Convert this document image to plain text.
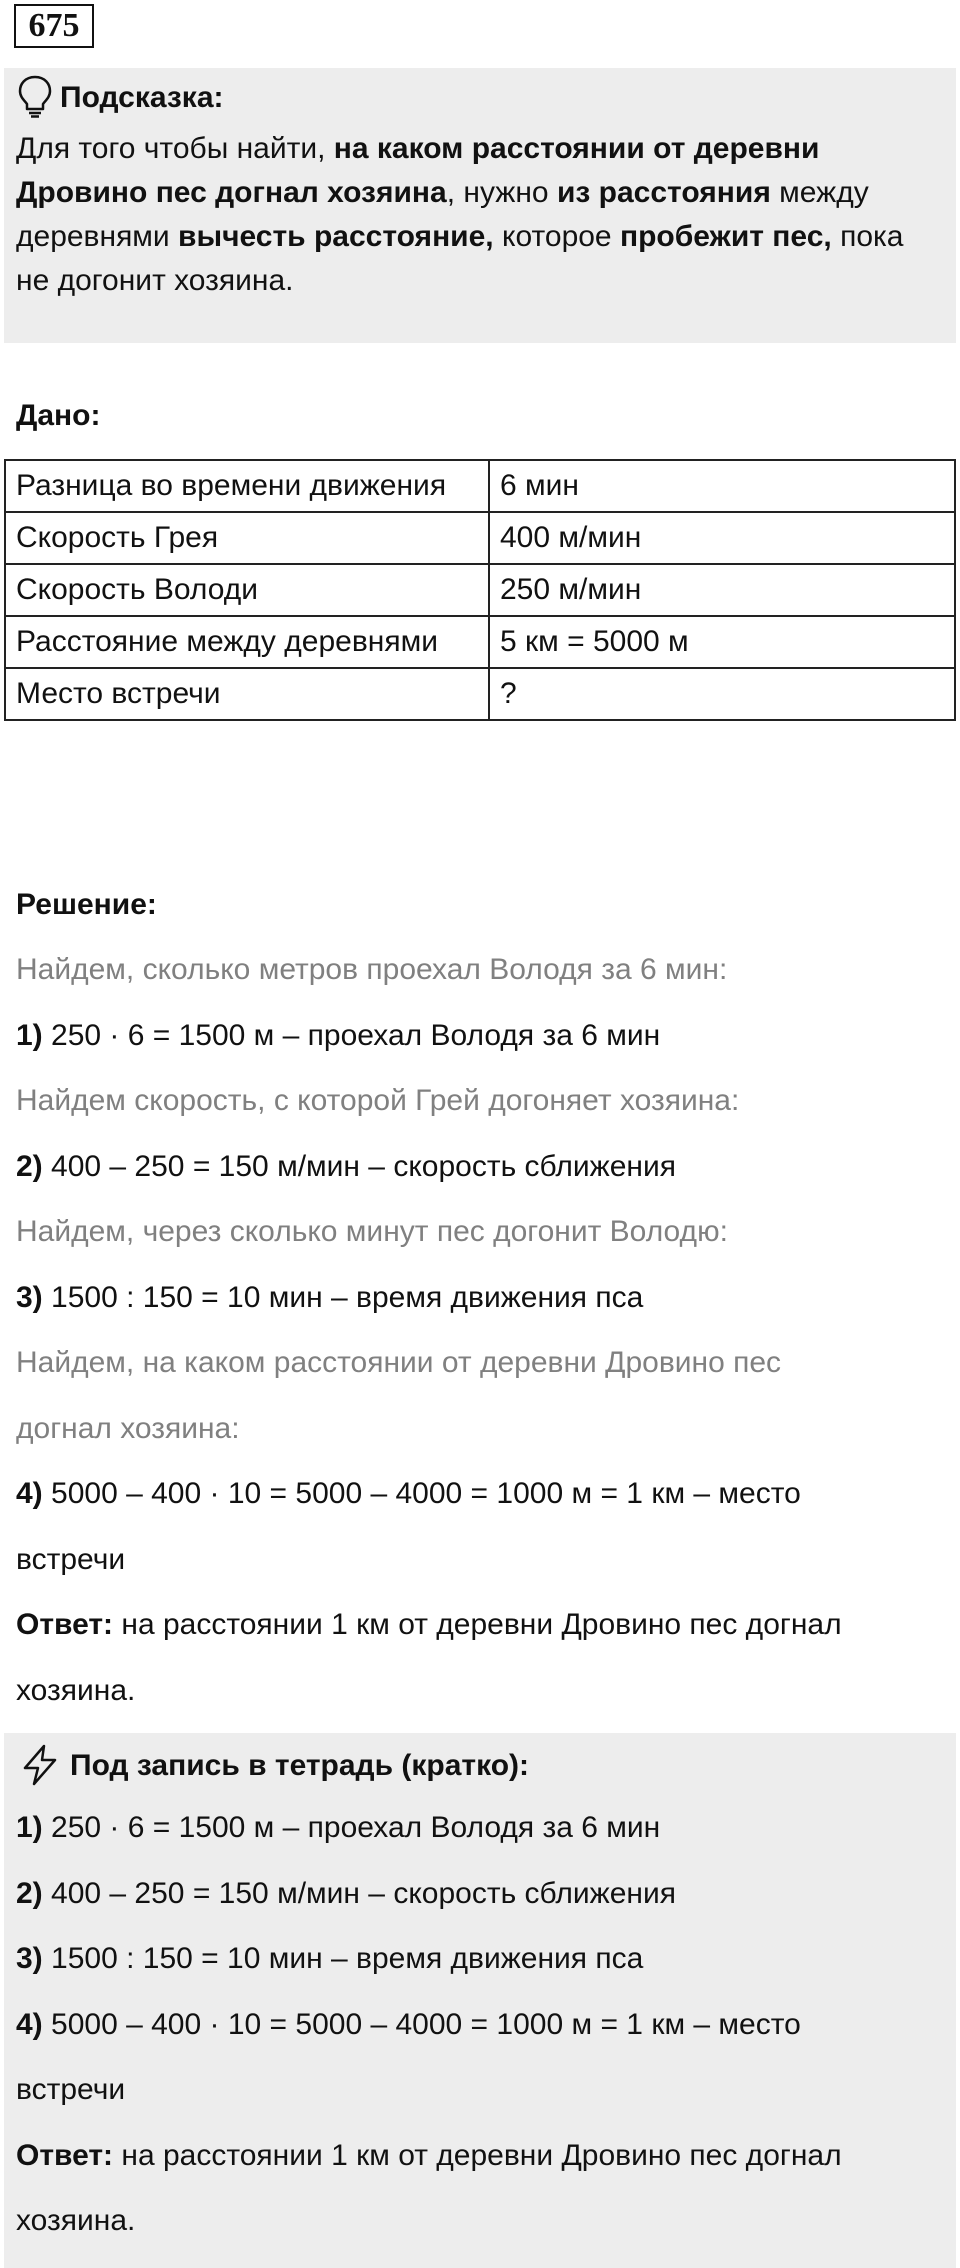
675
Подсказка:
Для того чтобы найти, на каком расстоянии от деревни Дровино пес догнал хозяина, нужно из расстояния между деревнями вычесть расстояние, которое пробежит пес, пока не догонит хозяина.
Дано:
Разница во времени движения	6 мин
Скорость Грея	400 м/мин
Скорость Володи	250 м/мин
Расстояние между деревнями	5 км = 5000 м
Место встречи	?
Решение:
Найдем, сколько метров проехал Володя за 6 мин:
1) 250 · 6 = 1500 м – проехал Володя за 6 мин
Найдем скорость, с которой Грей догоняет хозяина:
2) 400 – 250 = 150 м/мин – скорость сближения
Найдем, через сколько минут пес догонит Володю:
3) 1500 : 150 = 10 мин – время движения пса
Найдем, на каком расстоянии от деревни Дровино пес
догнал хозяина:
4) 5000 – 400 · 10 = 5000 – 4000 = 1000 м = 1 км – место
встречи
Ответ: на расстоянии 1 км от деревни Дровино пес догнал
хозяина.
Под запись в тетрадь (кратко):
1) 250 · 6 = 1500 м – проехал Володя за 6 мин
2) 400 – 250 = 150 м/мин – скорость сближения
3) 1500 : 150 = 10 мин – время движения пса
4) 5000 – 400 · 10 = 5000 – 4000 = 1000 м = 1 км – место
встречи
Ответ: на расстоянии 1 км от деревни Дровино пес догнал
хозяина.
